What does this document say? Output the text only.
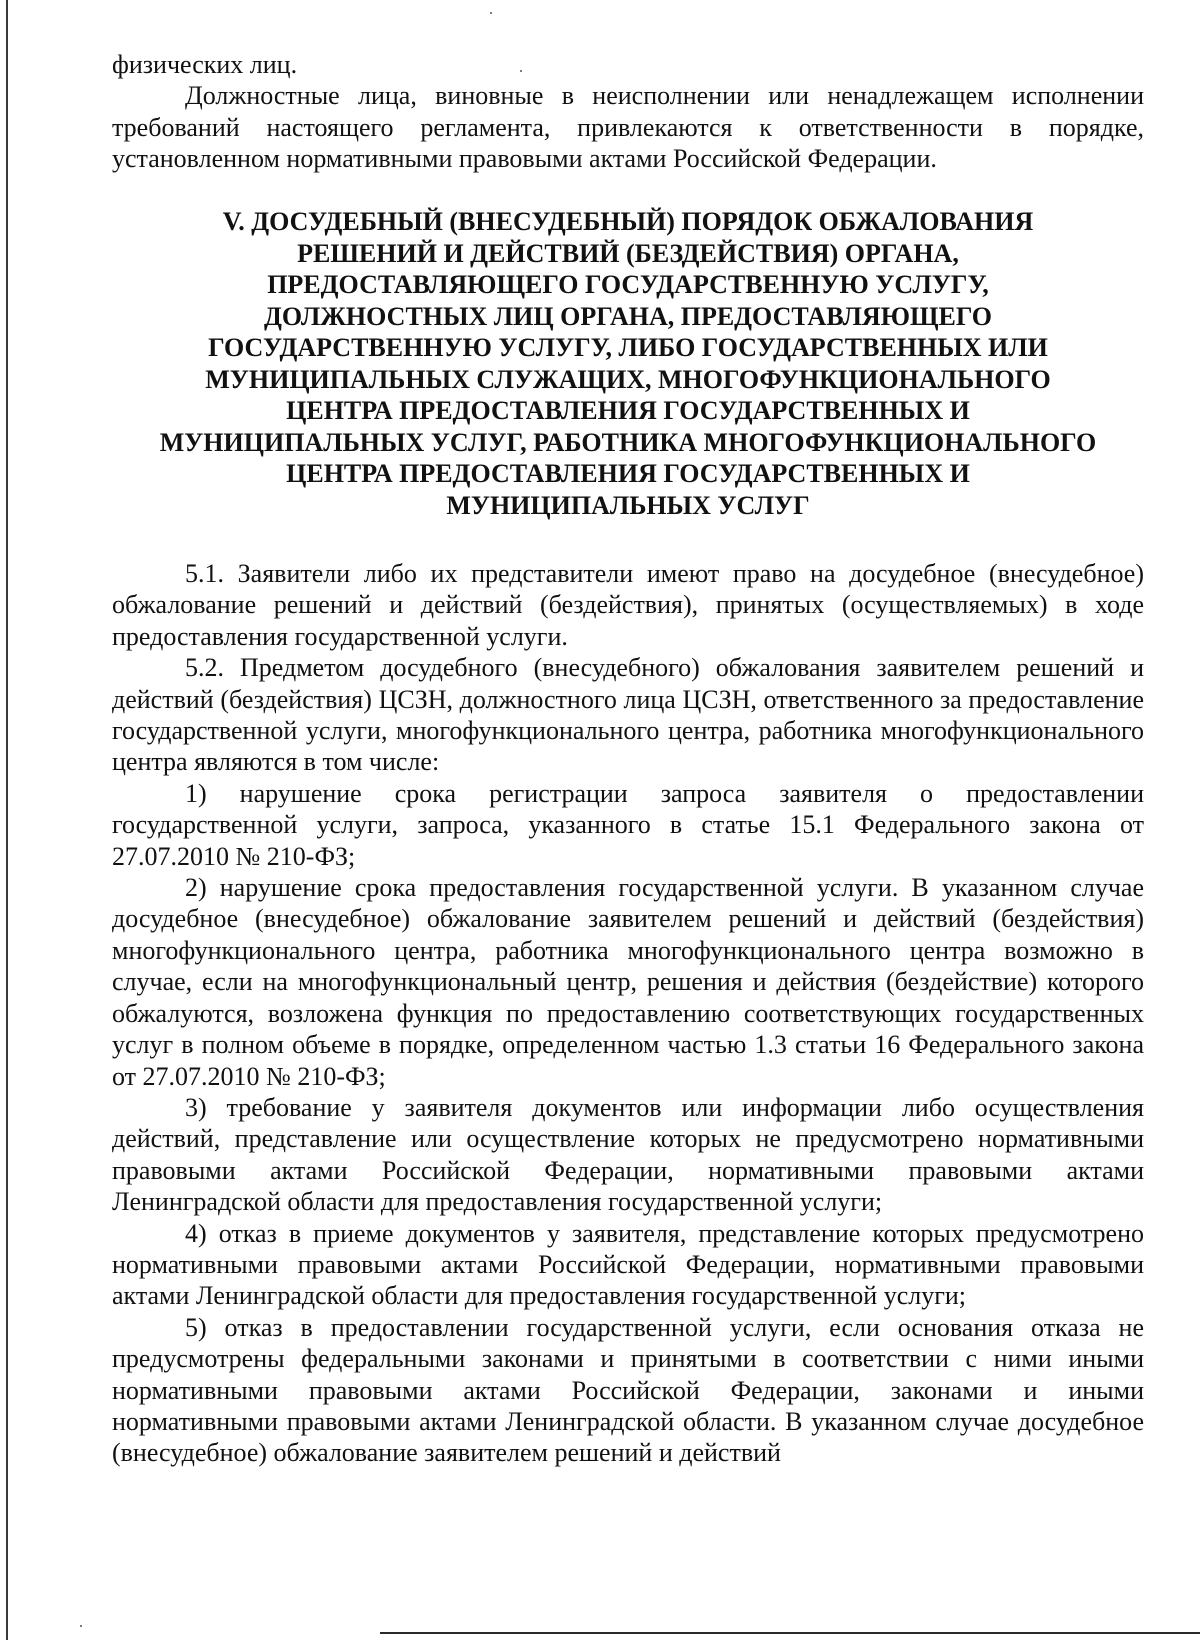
физических лиц.

Должностные лица, виновные в неисполнении или ненадлежащем исполнении требований настоящего регламента, привлекаются к ответственности в порядке, установленном нормативными правовыми актами Российской Федерации.

V. ДОСУДЕБНЫЙ (ВНЕСУДЕБНЫЙ) ПОРЯДОК ОБЖАЛОВАНИЯ
РЕШЕНИЙ И ДЕЙСТВИЙ (БЕЗДЕЙСТВИЯ) ОРГАНА,
ПРЕДОСТАВЛЯЮЩЕГО ГОСУДАРСТВЕННУЮ УСЛУГУ,
ДОЛЖНОСТНЫХ ЛИЦ ОРГАНА, ПРЕДОСТАВЛЯЮЩЕГО
ГОСУДАРСТВЕННУЮ УСЛУГУ, ЛИБО ГОСУДАРСТВЕННЫХ ИЛИ
МУНИЦИПАЛЬНЫХ СЛУЖАЩИХ, МНОГОФУНКЦИОНАЛЬНОГО
ЦЕНТРА ПРЕДОСТАВЛЕНИЯ ГОСУДАРСТВЕННЫХ И
МУНИЦИПАЛЬНЫХ УСЛУГ, РАБОТНИКА МНОГОФУНКЦИОНАЛЬНОГО
ЦЕНТРА ПРЕДОСТАВЛЕНИЯ ГОСУДАРСТВЕННЫХ И
МУНИЦИПАЛЬНЫХ УСЛУГ

5.1. Заявители либо их представители имеют право на досудебное (внесудебное) обжалование решений и действий (бездействия), принятых (осуществляемых) в ходе предоставления государственной услуги.

5.2. Предметом досудебного (внесудебного) обжалования заявителем решений и действий (бездействия) ЦСЗН, должностного лица ЦСЗН, ответственного за предоставление государственной услуги, многофункционального центра, работника многофункционального центра являются в том числе:

1) нарушение срока регистрации запроса заявителя о предоставлении государственной услуги, запроса, указанного в статье 15.1 Федерального закона от 27.07.2010 № 210-ФЗ;

2) нарушение срока предоставления государственной услуги. В указанном случае досудебное (внесудебное) обжалование заявителем решений и действий (бездействия) многофункционального центра, работника многофункционального центра возможно в случае, если на многофункциональный центр, решения и действия (бездействие) которого обжалуются, возложена функция по предоставлению соответствующих государственных услуг в полном объеме в порядке, определенном частью 1.3 статьи 16 Федерального закона от 27.07.2010 № 210-ФЗ;

3) требование у заявителя документов или информации либо осуществления действий, представление или осуществление которых не предусмотрено нормативными правовыми актами Российской Федерации, нормативными правовыми актами Ленинградской области для предоставления государственной услуги;

4) отказ в приеме документов у заявителя, представление которых предусмотрено нормативными правовыми актами Российской Федерации, нормативными правовыми актами Ленинградской области для предоставления государственной услуги;

5) отказ в предоставлении государственной услуги, если основания отказа не предусмотрены федеральными законами и принятыми в соответствии с ними иными нормативными правовыми актами Российской Федерации, законами и иными нормативными правовыми актами Ленинградской области. В указанном случае досудебное (внесудебное) обжалование заявителем решений и действий
